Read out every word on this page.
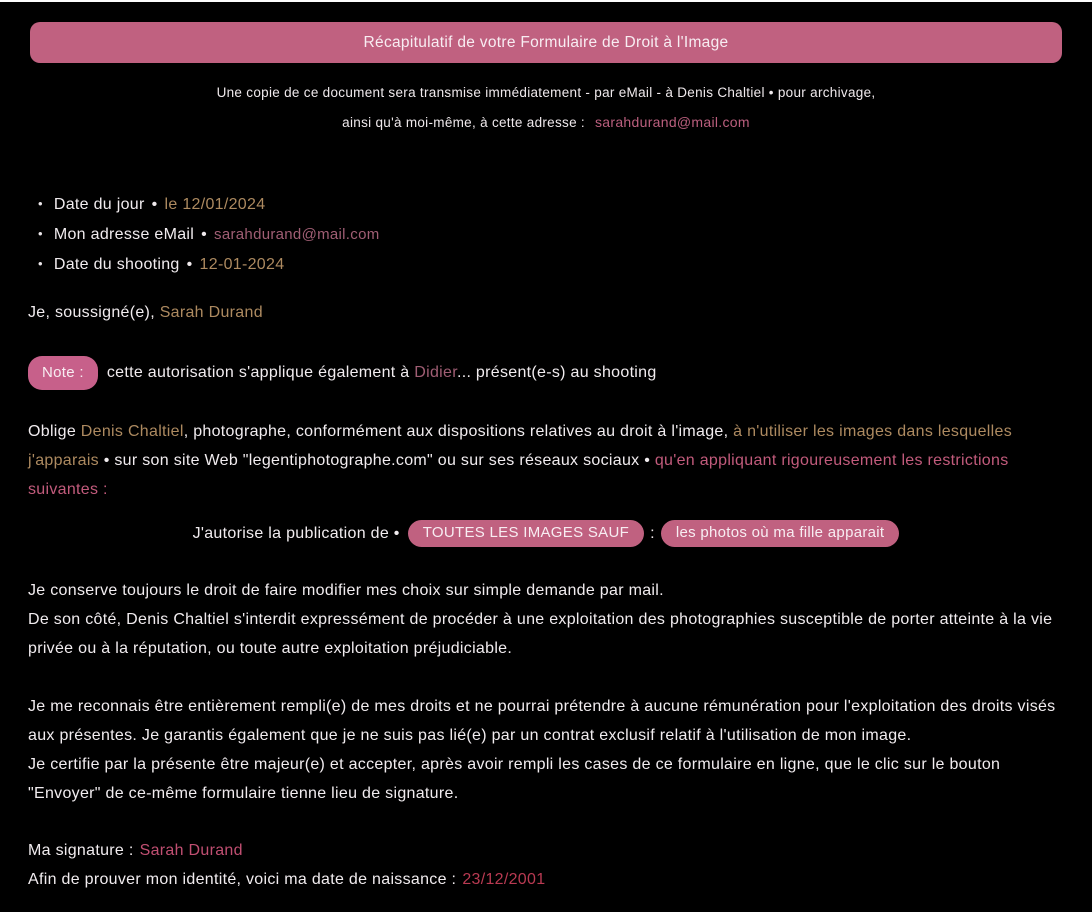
Récapitulatif de votre Formulaire de Droit à l'Image
Une copie de ce document sera transmise immédiatement - par eMail - à Denis Chaltiel • pour archivage,
ainsi qu'à moi-même, à cette adresse : sarahdurand@mail.com
• Date du jour • le 12/01/2024
• Mon adresse eMail • sarahdurand@mail.com
• Date du shooting • 12-01-2024
Je, soussigné(e), Sarah Durand
Note : cette autorisation s'applique également à Didier... présent(e-s) au shooting
Oblige Denis Chaltiel, photographe, conformément aux dispositions relatives au droit à l'image, à n'utiliser les images dans lesquelles j'apparais • sur son site Web "legentiphotographe.com" ou sur ses réseaux sociaux • qu'en appliquant rigoureusement les restrictions suivantes :
J'autorise la publication de • TOUTES LES IMAGES SAUF : les photos où ma fille apparait
Je conserve toujours le droit de faire modifier mes choix sur simple demande par mail.
De son côté, Denis Chaltiel s'interdit expressément de procéder à une exploitation des photographies susceptible de porter atteinte à la vie privée ou à la réputation, ou toute autre exploitation préjudiciable.
Je me reconnais être entièrement rempli(e) de mes droits et ne pourrai prétendre à aucune rémunération pour l'exploitation des droits visés aux présentes. Je garantis également que je ne suis pas lié(e) par un contrat exclusif relatif à l'utilisation de mon image.
Je certifie par la présente être majeur(e) et accepter, après avoir rempli les cases de ce formulaire en ligne, que le clic sur le bouton "Envoyer" de ce-même formulaire tienne lieu de signature.
Ma signature : Sarah Durand
Afin de prouver mon identité, voici ma date de naissance : 23/12/2001
